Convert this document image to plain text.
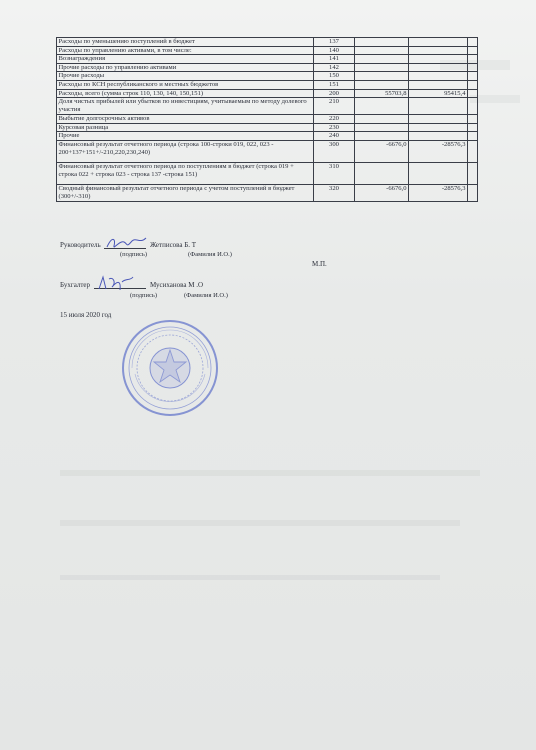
Расходы по уменьшению поступлений в бюджет	137			
Расходы по управлению активами, в том числе:	140			
Вознаграждения	141			
Прочие расходы по управлению активами	142			
Прочие расходы	150			
Расходы по КСН республиканского и местных бюджетов	151			
Расходы, всего (сумма строк 110, 130, 140, 150,151)	200	55703,8	95415,4	
Доля чистых прибылей или убытков по инвестициям, учитываемым по методу долевого участия	210			
Выбытие долгосрочных активов	220			
Курсовая разница	230			
Прочие	240			
Финансовый результат отчетного периода (строка 100-строки 019, 022, 023 - 200+137+151+/-210,220,230,240)	300	-6676,0	-28576,3	
Финансовый результат отчетного периода по поступлениям в бюджет (строка 019 + строка 022 + строка 023 - строка 137 -строка 151)	310			
Сводный финансовый результат отчетного периода с учетом поступлений в бюджет (300+/-310)	320	-6676,0	-28576,3	
Руководитель	Жетписова Б. Т
(подпись)	(Фамилия И.О.)
М.П.
Бухгалтер	Мусиханова М .О
(подпись)	(Фамилия И.О.)
15 июля 2020 год
